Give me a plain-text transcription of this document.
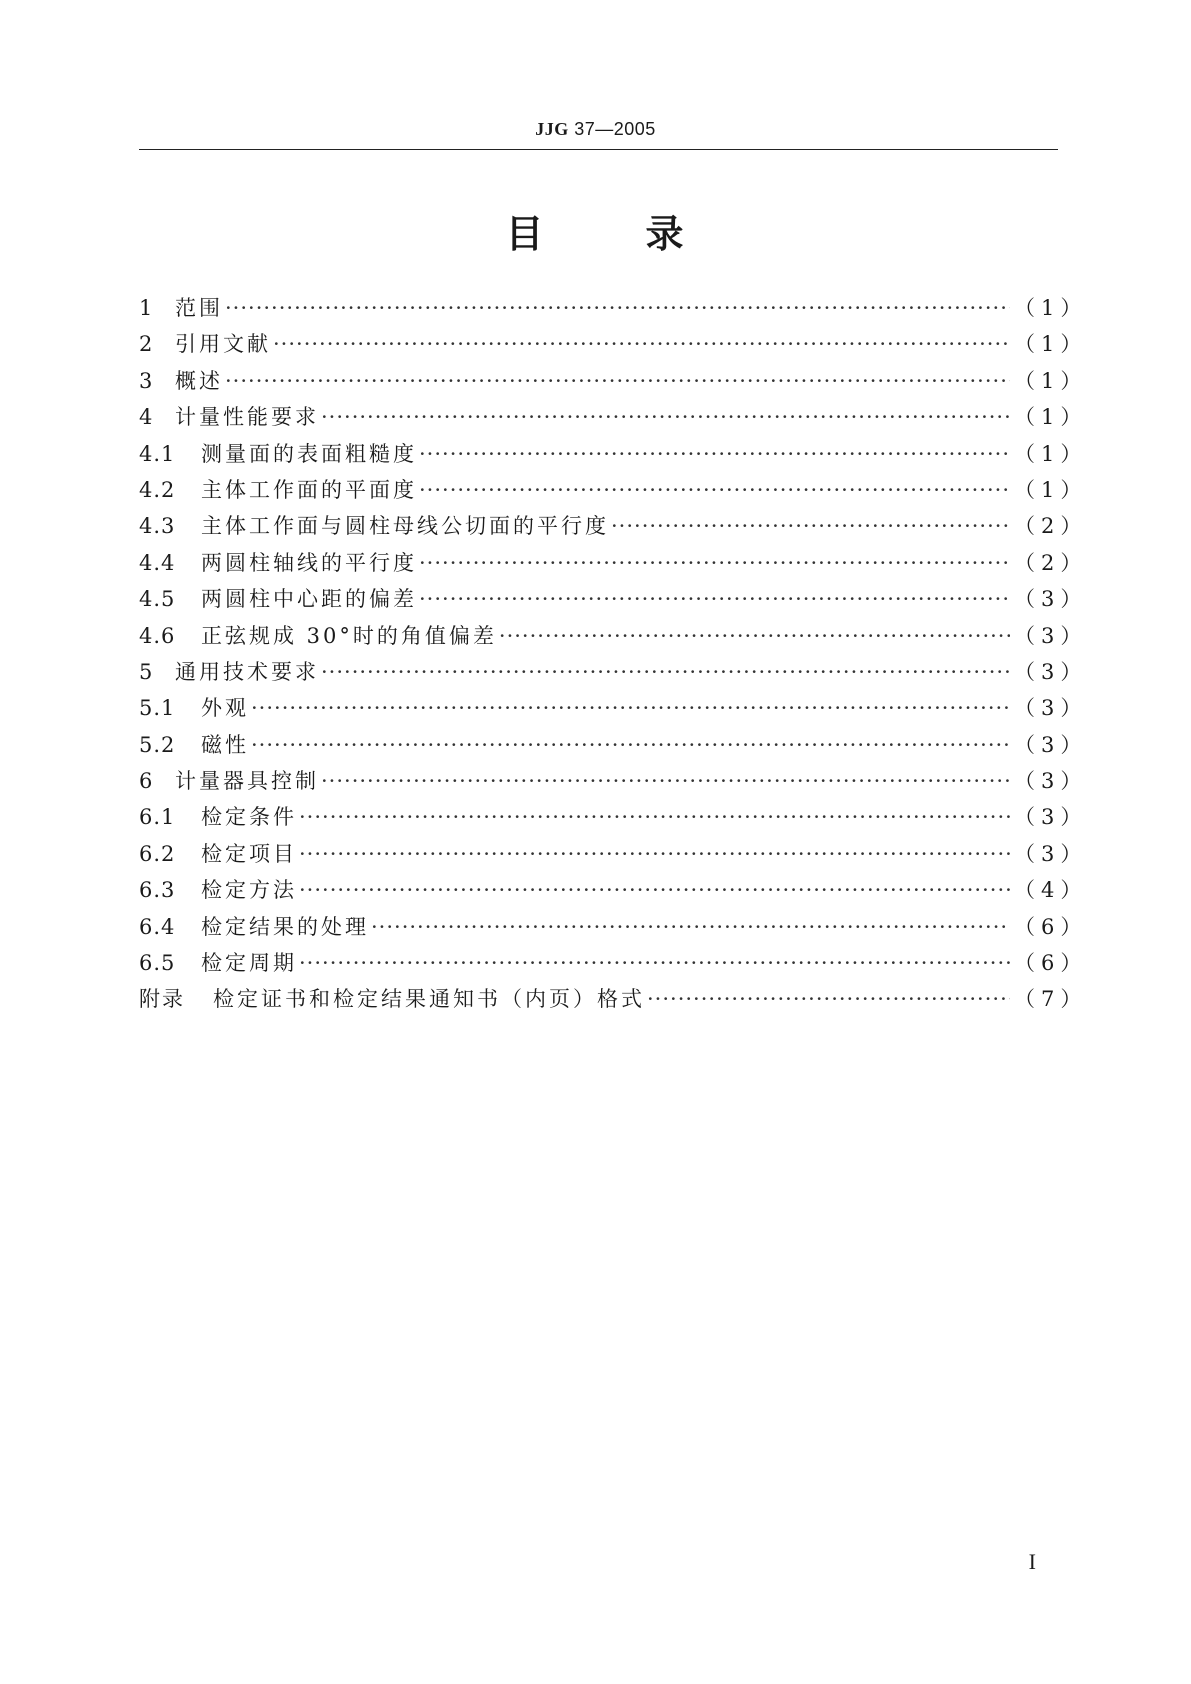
JJG 37—2005
目	录
1	范围 ·····	（1）
2	引用文献 ·····	（1）
3	概述 ·····	（1）
4	计量性能要求 ·····	（1）
4.1	测量面的表面粗糙度 ·····	（1）
4.2	主体工作面的平面度 ·····	（1）
4.3	主体工作面与圆柱母线公切面的平行度 ·····	（2）
4.4	两圆柱轴线的平行度 ·····	（2）
4.5	两圆柱中心距的偏差 ·····	（3）
4.6	正弦规成 30°时的角值偏差 ·····	（3）
5	通用技术要求 ·····	（3）
5.1	外观 ·····	（3）
5.2	磁性 ·····	（3）
6	计量器具控制 ·····	（3）
6.1	检定条件 ·····	（3）
6.2	检定项目 ·····	（3）
6.3	检定方法 ·····	（4）
6.4	检定结果的处理 ·····	（6）
6.5	检定周期 ·····	（6）
附录	检定证书和检定结果通知书（内页）格式 ·····	（7）
I
